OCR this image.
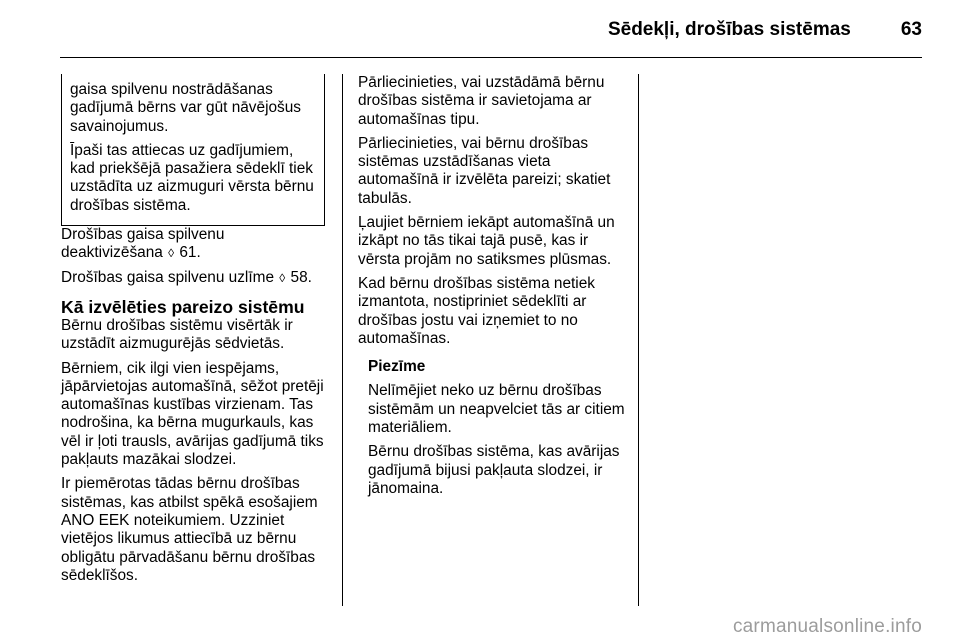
Sēdekļi, drošības sistēmas	63

gaisa spilvenu nostrādāšanas gadījumā bērns var gūt nāvējošus savainojumus.

Īpaši tas attiecas uz gadījumiem, kad priekšējā pasažiera sēdeklī tiek uzstādīta uz aizmuguri vērsta bērnu drošības sistēma.

Drošības gaisa spilvenu deaktivizēšana ◊ 61.

Drošības gaisa spilvenu uzlīme ◊ 58.

Kā izvēlēties pareizo sistēmu

Bērnu drošības sistēmu visērtāk ir uzstādīt aizmugurējās sēdvietās.

Bērniem, cik ilgi vien iespējams, jāpārvietojas automašīnā, sēžot pretēji automašīnas kustības virzienam. Tas nodrošina, ka bērna mugurkauls, kas vēl ir ļoti trausls, avārijas gadījumā tiks pakļauts mazākai slodzei.

Ir piemērotas tādas bērnu drošības sistēmas, kas atbilst spēkā esošajiem ANO EEK noteikumiem. Uzziniet vietējos likumus attiecībā uz bērnu obligātu pārvadāšanu bērnu drošības sēdeklīšos.

Pārliecinieties, vai uzstādāmā bērnu drošības sistēma ir savietojama ar automašīnas tipu.

Pārliecinieties, vai bērnu drošības sistēmas uzstādīšanas vieta automašīnā ir izvēlēta pareizi; skatiet tabulās.

Ļaujiet bērniem iekāpt automašīnā un izkāpt no tās tikai tajā pusē, kas ir vērsta projām no satiksmes plūsmas.

Kad bērnu drošības sistēma netiek izmantota, nostipriniet sēdeklīti ar drošības jostu vai izņemiet to no automašīnas.

Piezīme

Nelīmējiet neko uz bērnu drošības sistēmām un neapvelciet tās ar citiem materiāliem.

Bērnu drošības sistēma, kas avārijas gadījumā bijusi pakļauta slodzei, ir jānomaina.

carmanualsonline.info
